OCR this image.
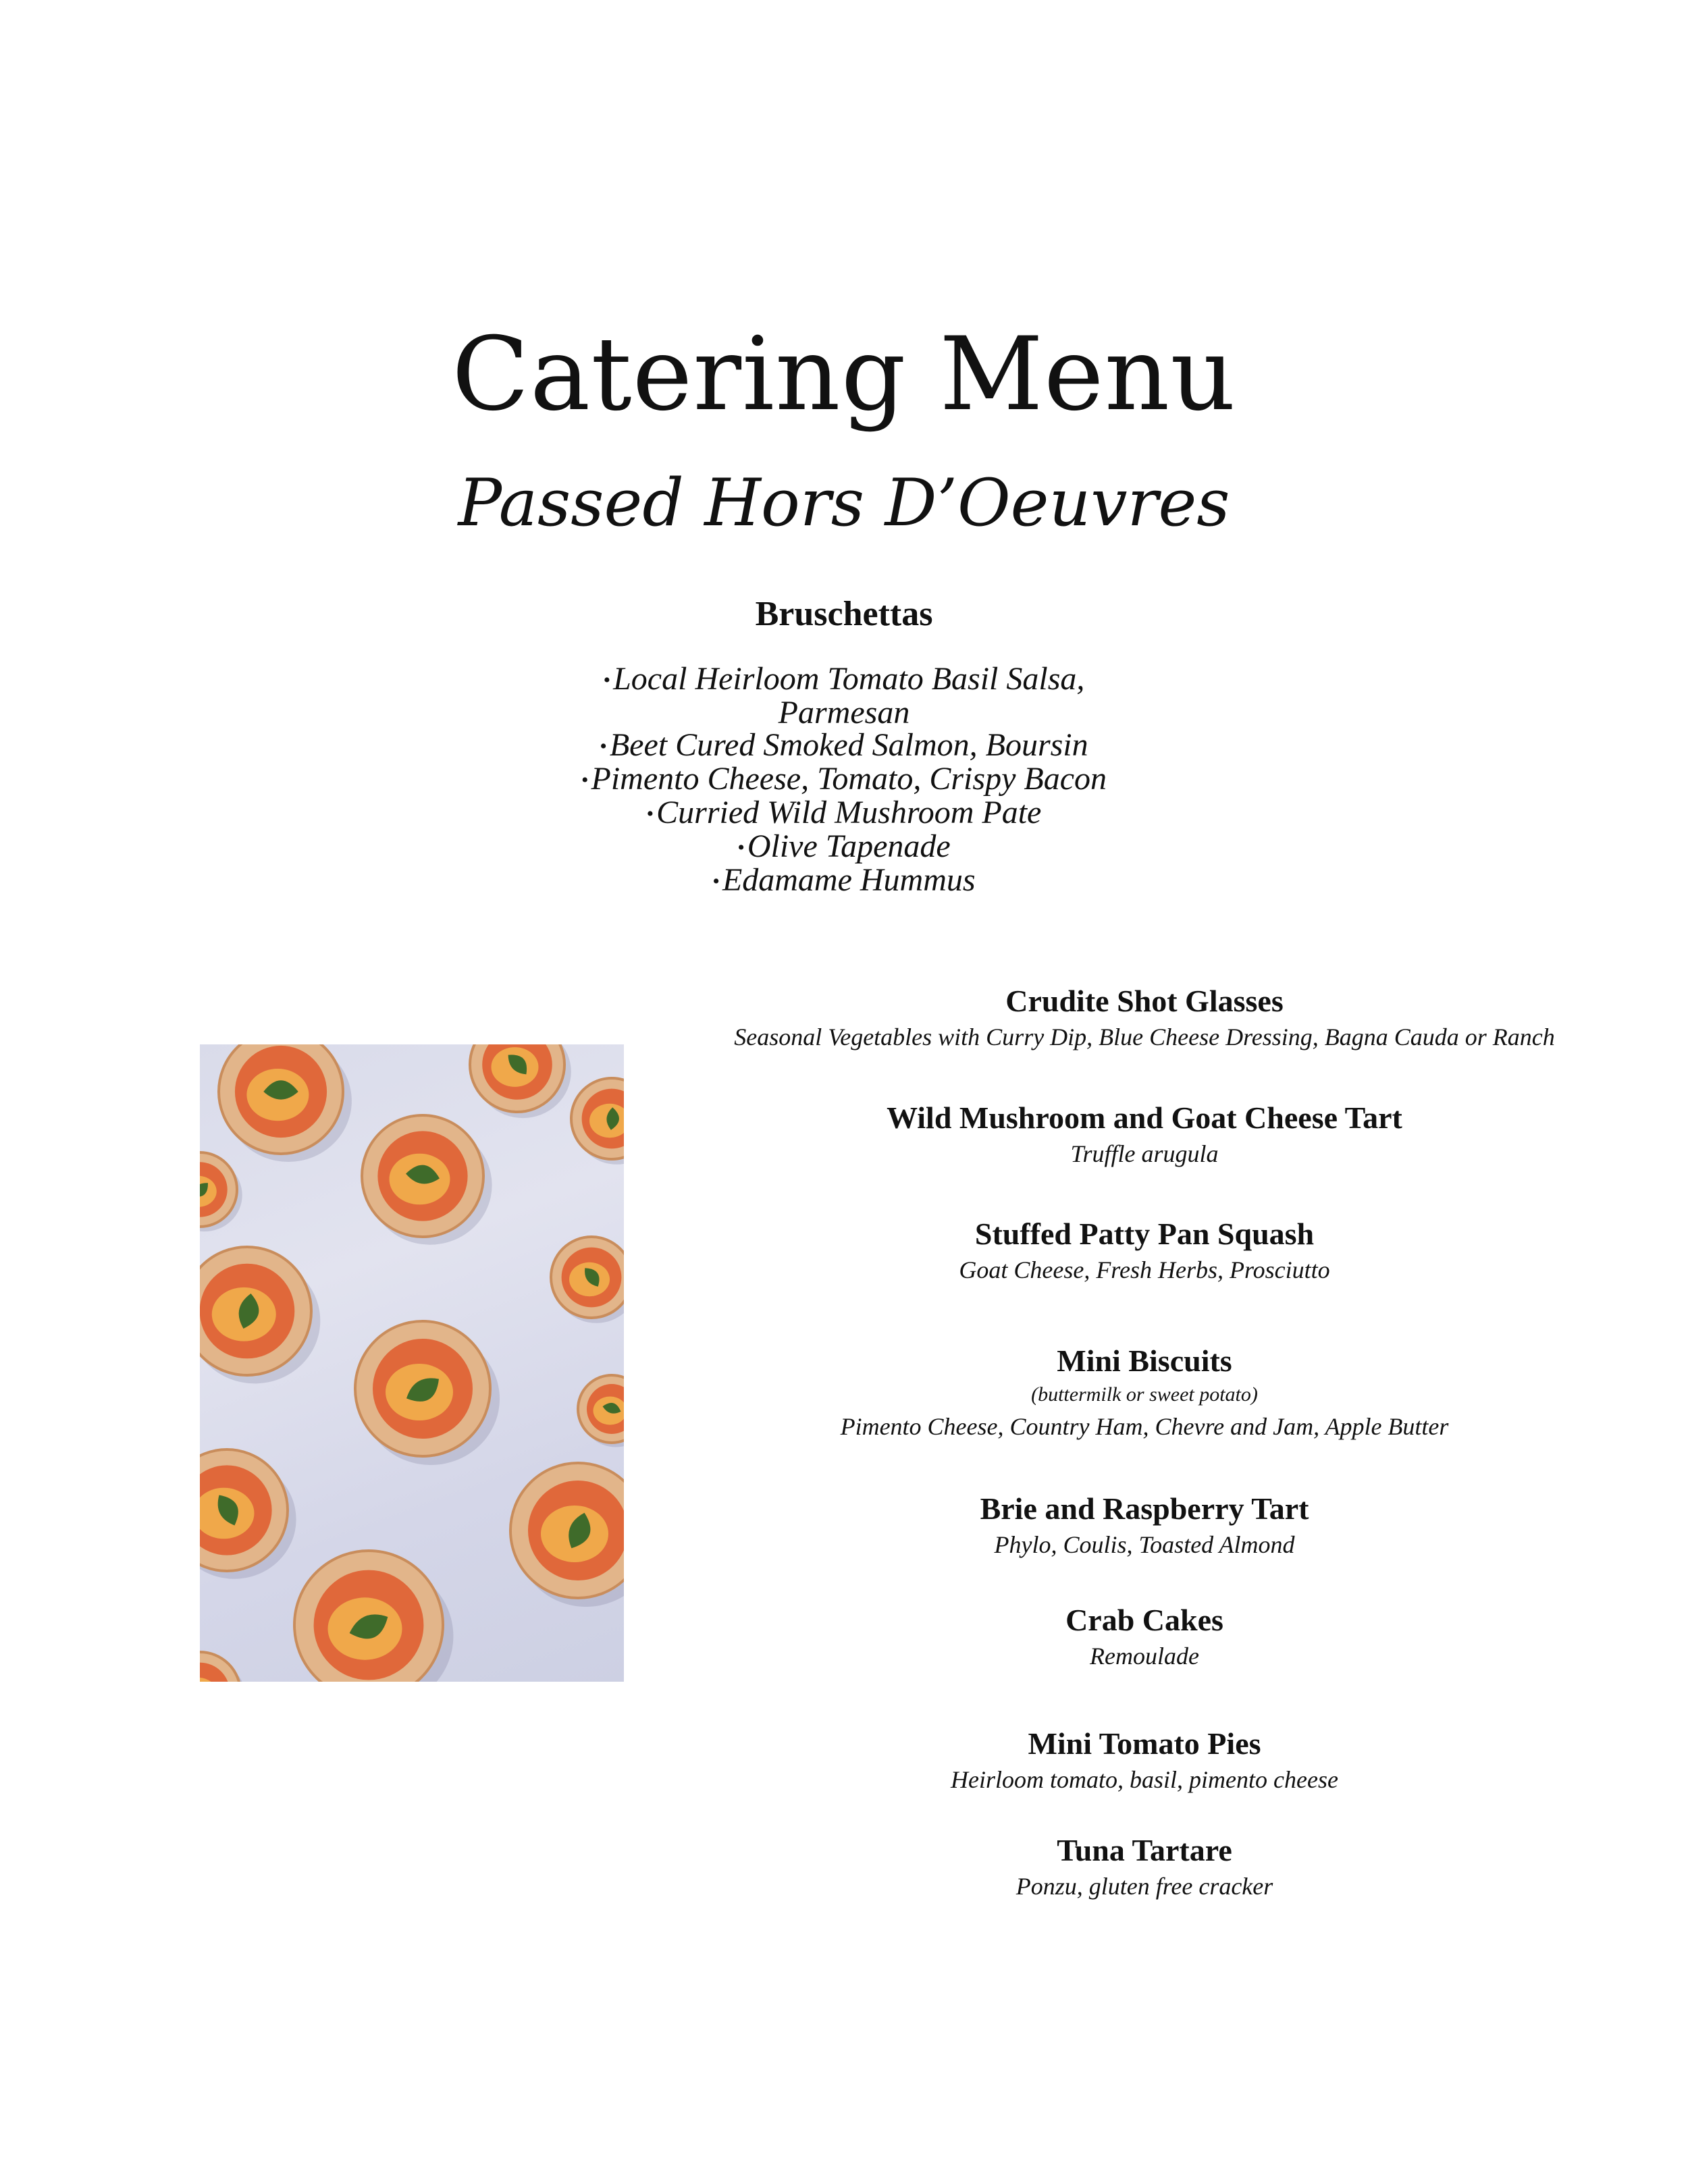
Catering Menu
Passed Hors D’Oeuvres
Bruschettas
•Local Heirloom Tomato Basil Salsa,
Parmesan
•Beet Cured Smoked Salmon, Boursin
•Pimento Cheese, Tomato, Crispy Bacon
•Curried Wild Mushroom Pate
•Olive Tapenade
•Edamame Hummus

Crudite Shot Glasses

Seasonal Vegetables with Curry Dip, Blue Cheese Dressing, Bagna Cauda or Ranch

Wild Mushroom and Goat Cheese Tart

Truffle arugula

Stuffed Patty Pan Squash

Goat Cheese, Fresh Herbs, Prosciutto

Mini Biscuits

(buttermilk or sweet potato)

Pimento Cheese, Country Ham, Chevre and Jam, Apple Butter

Brie and Raspberry Tart

Phylo, Coulis, Toasted Almond

Crab Cakes

Remoulade

Mini Tomato Pies

Heirloom tomato, basil, pimento cheese

Tuna Tartare

Ponzu, gluten free cracker
